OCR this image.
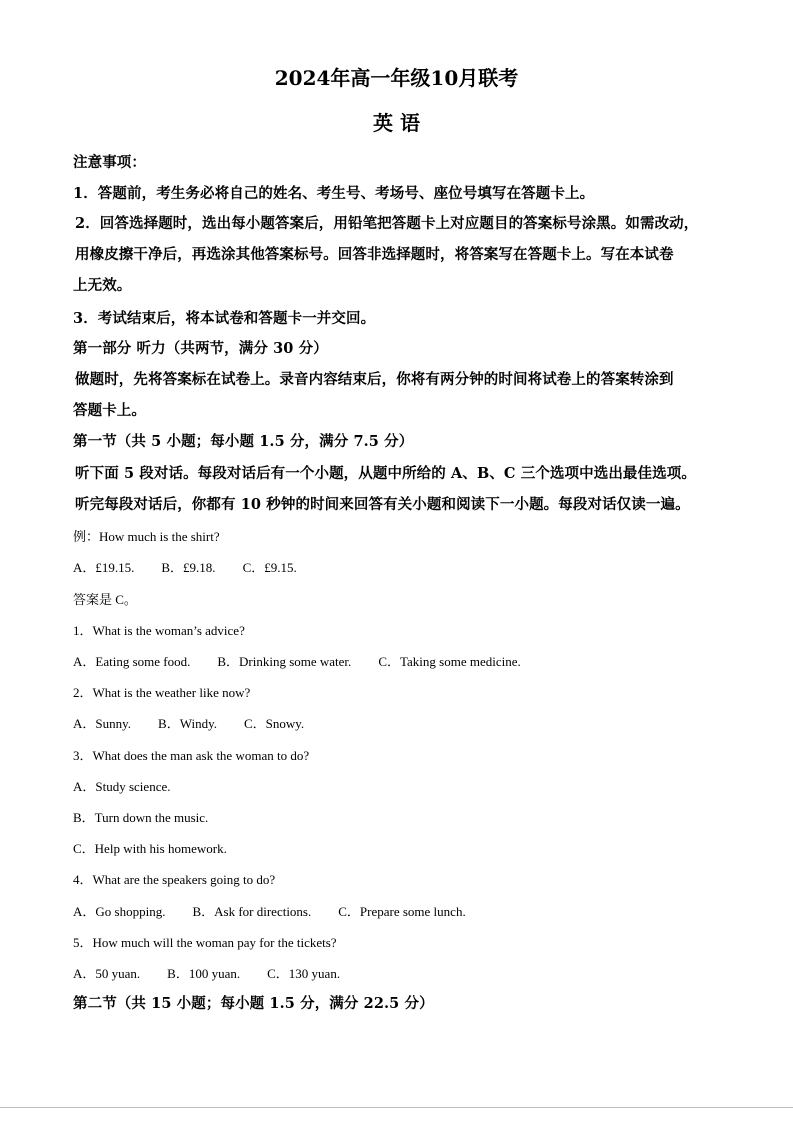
2024年高一年级10月联考
英 语
注意事项：
1．答题前，考生务必将自己的姓名、考生号、考场号、座位号填写在答题卡上。
2．回答选择题时，选出每小题答案后，用铅笔把答题卡上对应题目的答案标号涂黑。如需改动，
用橡皮擦干净后，再选涂其他答案标号。回答非选择题时，将答案写在答题卡上。写在本试卷
上无效。
3．考试结束后，将本试卷和答题卡一并交回。
第一部分 听力（共两节，满分 30 分）
做题时，先将答案标在试卷上。录音内容结束后，你将有两分钟的时间将试卷上的答案转涂到
答题卡上。
第一节（共 5 小题；每小题 1.5 分，满分 7.5 分）
听下面 5 段对话。每段对话后有一个小题，从题中所给的 A、B、C 三个选项中选出最佳选项。
听完每段对话后，你都有 10 秒钟的时间来回答有关小题和阅读下一小题。每段对话仅读一遍。
例：How much is the shirt?
A．£19.15. B．£9.18. C．£9.15.
答案是 C。
1．What is the woman’s advice?
A．Eating some food. B．Drinking some water. C．Taking some medicine.
2．What is the weather like now?
A．Sunny. B．Windy. C．Snowy.
3．What does the man ask the woman to do?
A．Study science.
B．Turn down the music.
C．Help with his homework.
4．What are the speakers going to do?
A．Go shopping. B．Ask for directions. C．Prepare some lunch.
5．How much will the woman pay for the tickets?
A．50 yuan. B．100 yuan. C．130 yuan.
第二节（共 15 小题；每小题 1.5 分，满分 22.5 分）
